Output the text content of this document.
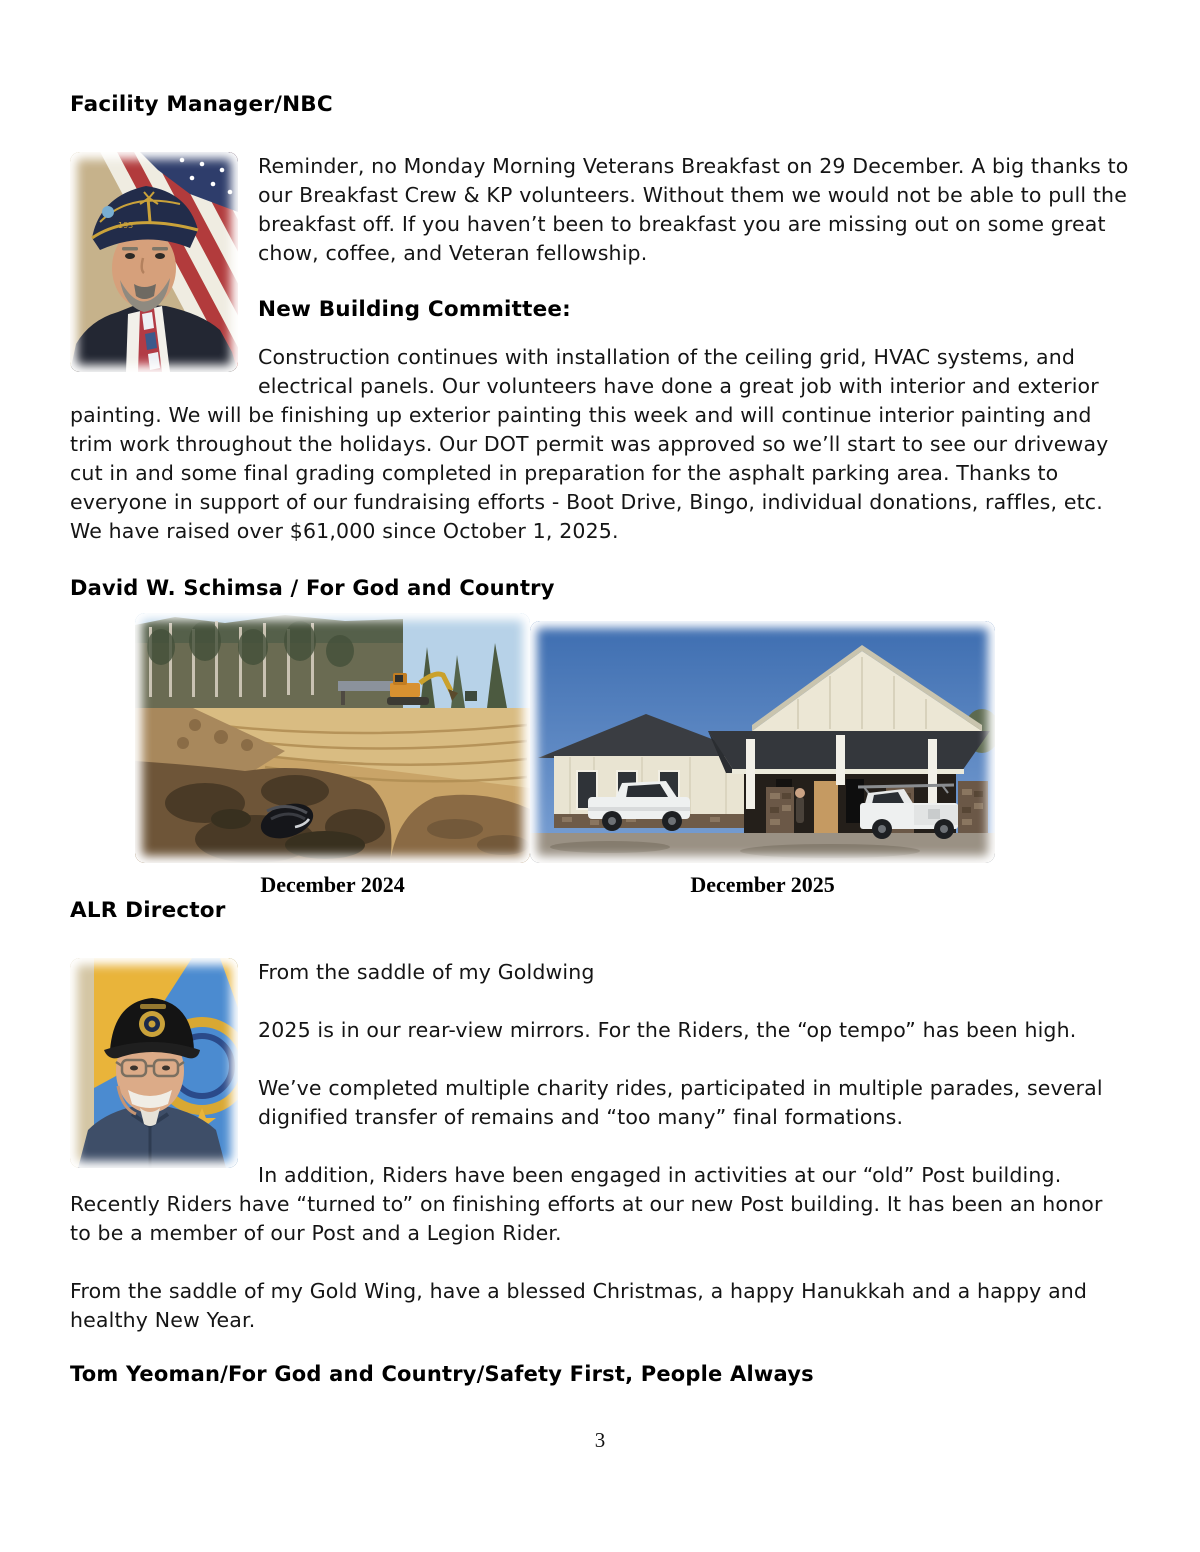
Facility Manager/NBC
193

Reminder, no Monday Morning Veterans Breakfast on 29 December. A big thanks to our Breakfast Crew & KP volunteers. Without them we would not be able to pull the breakfast off. If you haven’t been to breakfast you are missing out on some great chow, coffee, and Veteran fellowship.

New Building Committee:

Construction continues with installation of the ceiling grid, HVAC systems, and electrical panels. Our volunteers have done a great job with interior and exterior painting. We will be finishing up exterior painting this week and will continue interior painting and trim work throughout the holidays. Our DOT permit was approved so we’ll start to see our driveway cut in and some final grading completed in preparation for the asphalt parking area. Thanks to everyone in support of our fundraising efforts - Boot Drive, Bingo, individual donations, raffles, etc. We have raised over $61,000 since October 1, 2025.

David W. Schimsa / For God and Country
December 2024	December 2025
ALR Director

From the saddle of my Goldwing

2025 is in our rear-view mirrors. For the Riders, the “op tempo” has been high.

We’ve completed multiple charity rides, participated in multiple parades, several dignified transfer of remains and “too many” final formations.

In addition, Riders have been engaged in activities at our “old” Post building. Recently Riders have “turned to” on finishing efforts at our new Post building. It has been an honor to be a member of our Post and a Legion Rider.

From the saddle of my Gold Wing, have a blessed Christmas, a happy Hanukkah and a happy and healthy New Year.

Tom Yeoman/For God and Country/Safety First, People Always
3
